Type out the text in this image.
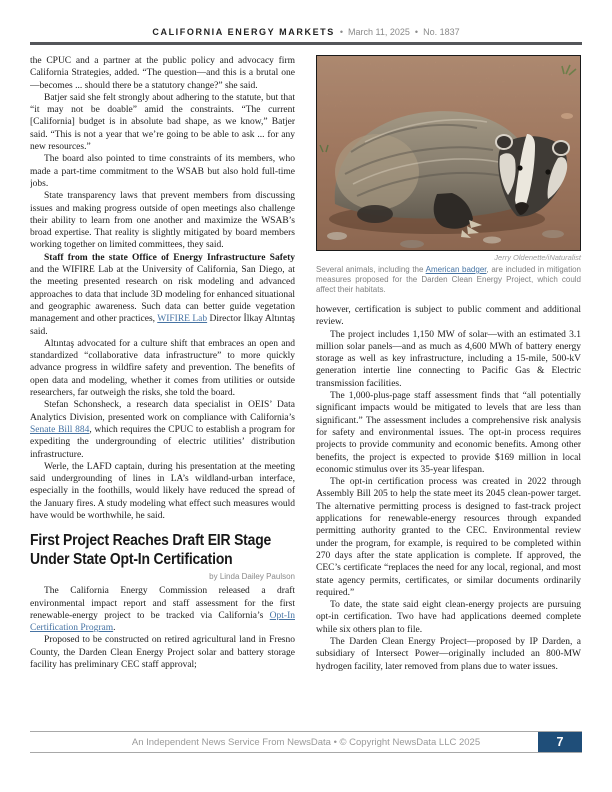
CALIFORNIA ENERGY MARKETS • March 11, 2025 • No. 1837

the CPUC and a partner at the public policy and advocacy firm California Strategies, added. “The question—and this is a brutal one—becomes ... should there be a statutory change?” she said.

Batjer said she felt strongly about adhering to the statute, but that “it may not be doable” amid the constraints. “The current [California] budget is in absolute bad shape, as we know,” Batjer said. “This is not a year that we’re going to be able to ask ... for any new resources.”

The board also pointed to time constraints of its members, who made a part-time commitment to the WSAB but also hold full-time jobs.

State transparency laws that prevent members from discussing issues and making progress outside of open meetings also challenge their ability to learn from one another and maximize the WSAB’s broad expertise. That reality is slightly mitigated by board members working together on limited committees, they said.

Staff from the state Office of Energy Infrastructure Safety and the WIFIRE Lab at the University of California, San Diego, at the meeting presented research on risk modeling and advanced approaches to data that include 3D modeling for enhanced situational and geographic awareness. Such data can better guide vegetation management and other practices, WIFIRE Lab Director İlkay Altıntaş said.

Altıntaş advocated for a culture shift that embraces an open and standardized “collaborative data infrastructure” to more quickly advance progress in wildfire safety and prevention. The benefits of open data and modeling, whether it comes from utilities or outside researchers, far outweigh the risks, she told the board.

Stefan Schonsheck, a research data specialist in OEIS’ Data Analytics Division, presented work on compliance with California’s Senate Bill 884, which requires the CPUC to establish a program for expediting the undergrounding of electric utilities’ distribution infrastructure.

Werle, the LAFD captain, during his presentation at the meeting said undergrounding of lines in LA’s wildland-urban interface, especially in the foothills, would likely have reduced the spread of the January fires. A study modeling what effect such measures would have would be worthwhile, he said.

First Project Reaches Draft EIR Stage
Under State Opt-In Certification
by Linda Dailey Paulson

The California Energy Commission released a draft environmental impact report and staff assessment for the first renewable-energy project to be tracked via California’s Opt-In Certification Program.

Proposed to be constructed on retired agricultural land in Fresno County, the Darden Clean Energy Project solar and battery storage facility has preliminary CEC staff approval;

Jerry Oldenette/iNaturalist

Several animals, including the American badger, are included in mitigation measures proposed for the Darden Clean Energy Project, which could affect their habitats.

however, certification is subject to public comment and additional review.

The project includes 1,150 MW of solar—with an estimated 3.1 million solar panels—and as much as 4,600 MWh of battery energy storage as well as key infrastructure, including a 15-mile, 500-kV generation intertie line connecting to Pacific Gas & Electric transmission facilities.

The 1,000-plus-page staff assessment finds that “all potentially significant impacts would be mitigated to levels that are less than significant.” The assessment includes a comprehensive risk analysis for safety and environmental issues. The opt-in process requires projects to provide community and economic benefits. Among other benefits, the project is expected to provide $169 million in local economic stimulus over its 35-year lifespan.

The opt-in certification process was created in 2022 through Assembly Bill 205 to help the state meet its 2045 clean-power target. The alternative permitting process is designed to fast-track project applications for renewable-energy resources through expanded permitting authority granted to the CEC. Environmental review under the program, for example, is required to be completed within 270 days after the state application is complete. If approved, the CEC’s certificate “replaces the need for any local, regional, and most state agency permits, certificates, or similar documents ordinarily required.”

To date, the state said eight clean-energy projects are pursuing opt-in certification. Two have had applications deemed complete while six others plan to file.

The Darden Clean Energy Project—proposed by IP Darden, a subsidiary of Intersect Power—originally included an 800-MW hydrogen facility, later removed from plans due to water issues.

An Independent News Service From NewsData • © Copyright NewsData LLC 2025	7
